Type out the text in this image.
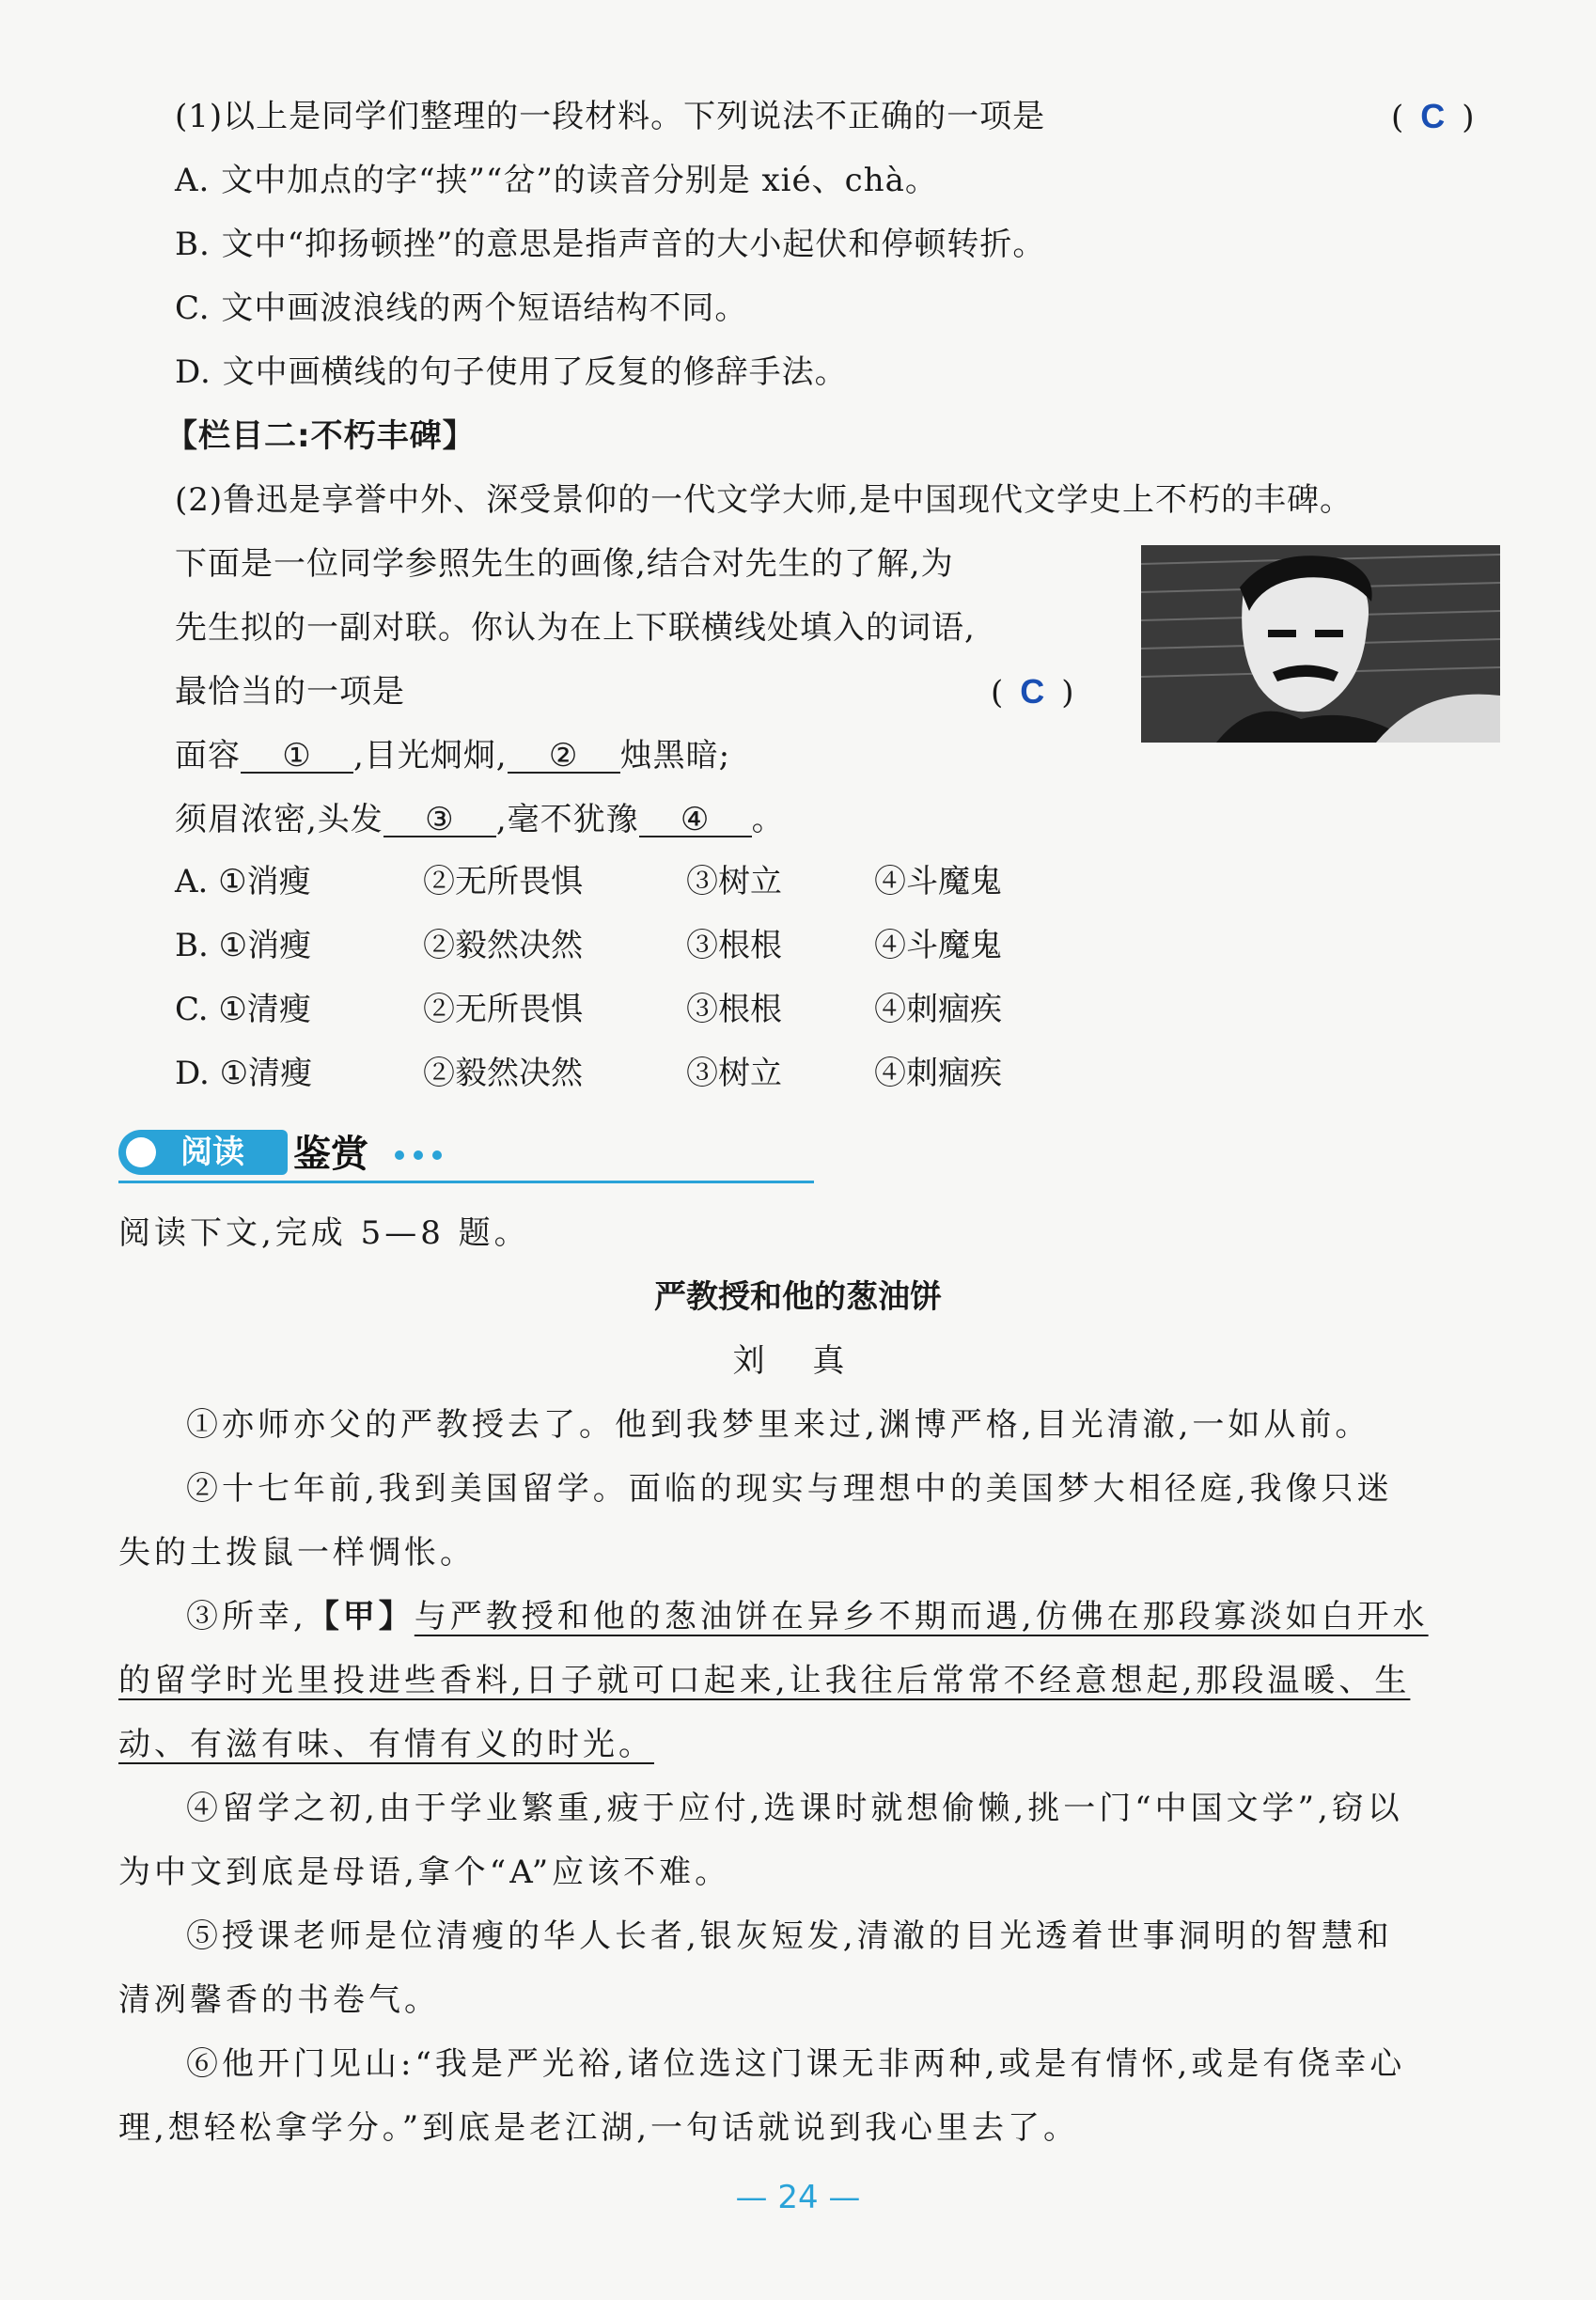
(1)以上是同学们整理的一段材料。下列说法不正确的一项是	( C )
A. 文中加点的字“挟”“岔”的读音分别是 xié、chà。
B. 文中“抑扬顿挫”的意思是指声音的大小起伏和停顿转折。
C. 文中画波浪线的两个短语结构不同。
D. 文中画横线的句子使用了反复的修辞手法。
【栏目二:不朽丰碑】
(2)鲁迅是享誉中外、深受景仰的一代文学大师,是中国现代文学史上不朽的丰碑。
下面是一位同学参照先生的画像,结合对先生的了解,为
先生拟的一副对联。你认为在上下联横线处填入的词语,
最恰当的一项是	( C )
面容 ① ,目光炯炯, ② 烛黑暗;
须眉浓密,头发 ③ ,毫不犹豫 ④ 。
A. ①消瘦	②无所畏惧	③树立	④斗魔鬼
B. ①消瘦	②毅然决然	③根根	④斗魔鬼
C. ①清瘦	②无所畏惧	③根根	④刺痼疾
D. ①清瘦	②毅然决然	③树立	④刺痼疾
阅读 鉴赏
阅读下文,完成 5—8 题。
严教授和他的葱油饼
刘 真
①亦师亦父的严教授去了。他到我梦里来过,渊博严格,目光清澈,一如从前。
②十七年前,我到美国留学。面临的现实与理想中的美国梦大相径庭,我像只迷
失的土拨鼠一样惆怅。
③所幸,【甲】与严教授和他的葱油饼在异乡不期而遇,仿佛在那段寡淡如白开水
的留学时光里投进些香料,日子就可口起来,让我往后常常不经意想起,那段温暖、生
动、有滋有味、有情有义的时光。
④留学之初,由于学业繁重,疲于应付,选课时就想偷懒,挑一门“中国文学”,窃以
为中文到底是母语,拿个“A”应该不难。
⑤授课老师是位清瘦的华人长者,银灰短发,清澈的目光透着世事洞明的智慧和
清冽馨香的书卷气。
⑥他开门见山:“我是严光裕,诸位选这门课无非两种,或是有情怀,或是有侥幸心
理,想轻松拿学分。”到底是老江湖,一句话就说到我心里去了。
— 24 —
